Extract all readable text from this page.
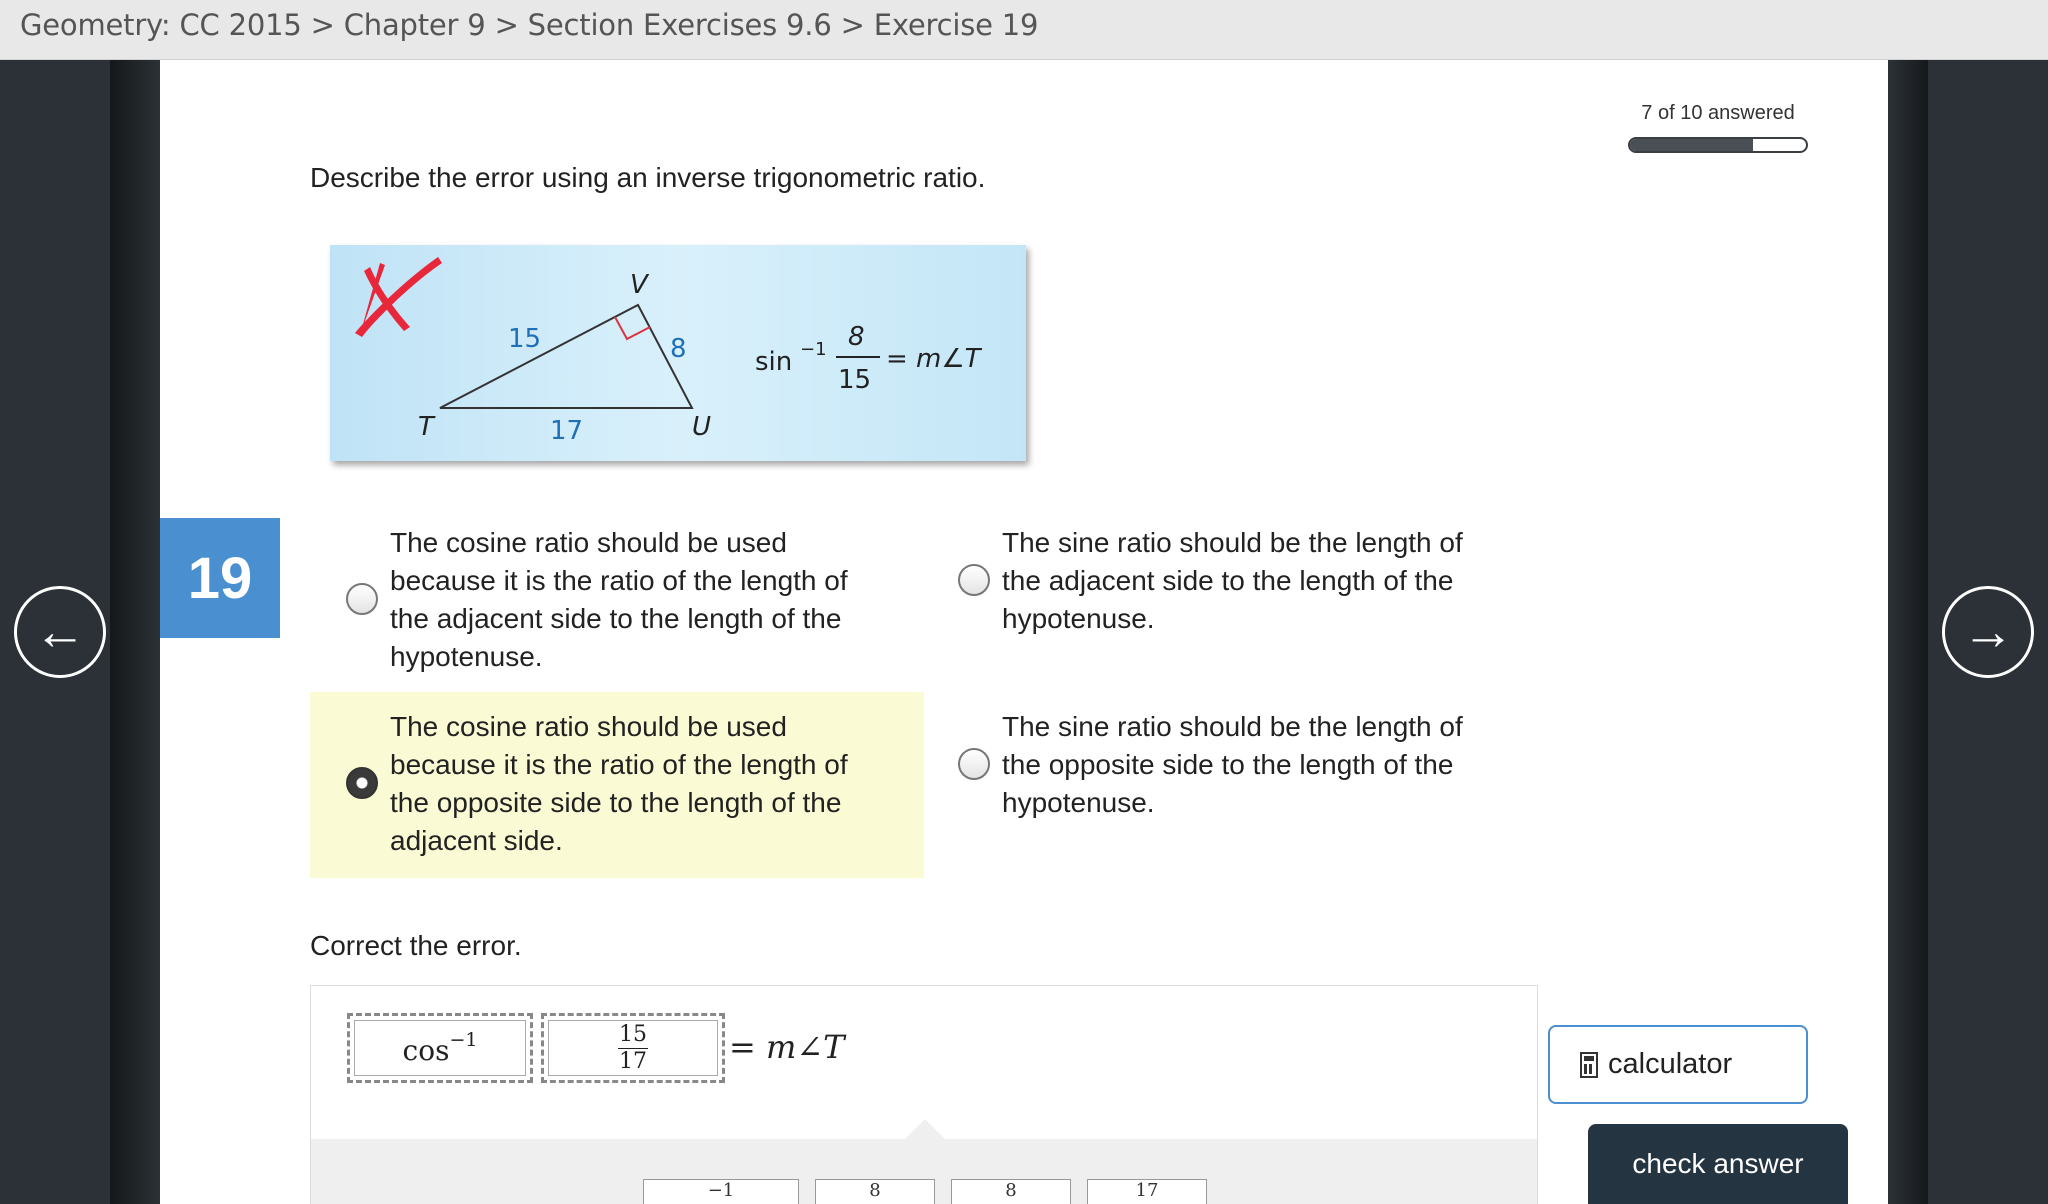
Geometry: CC 2015 > Chapter 9 > Section Exercises 9.6 > Exercise 19
7 of 10 answered
Describe the error using an inverse trigonometric ratio.
V
T	U
15	8
17
sin −1 8
15
= m∠T
19
←	→
The cosine ratio should be used because it is the ratio of the length of the adjacent side to the length of the hypotenuse.
The sine ratio should be the length of the adjacent side to the length of the hypotenuse.
The cosine ratio should be used because it is the ratio of the length of the opposite side to the length of the adjacent side.
The sine ratio should be the length of the opposite side to the length of the hypotenuse.
Correct the error.
$\cos^{-1}$	$\frac{15}{17}$	= m∠T
−1	8	8	17
calculator
check answer
